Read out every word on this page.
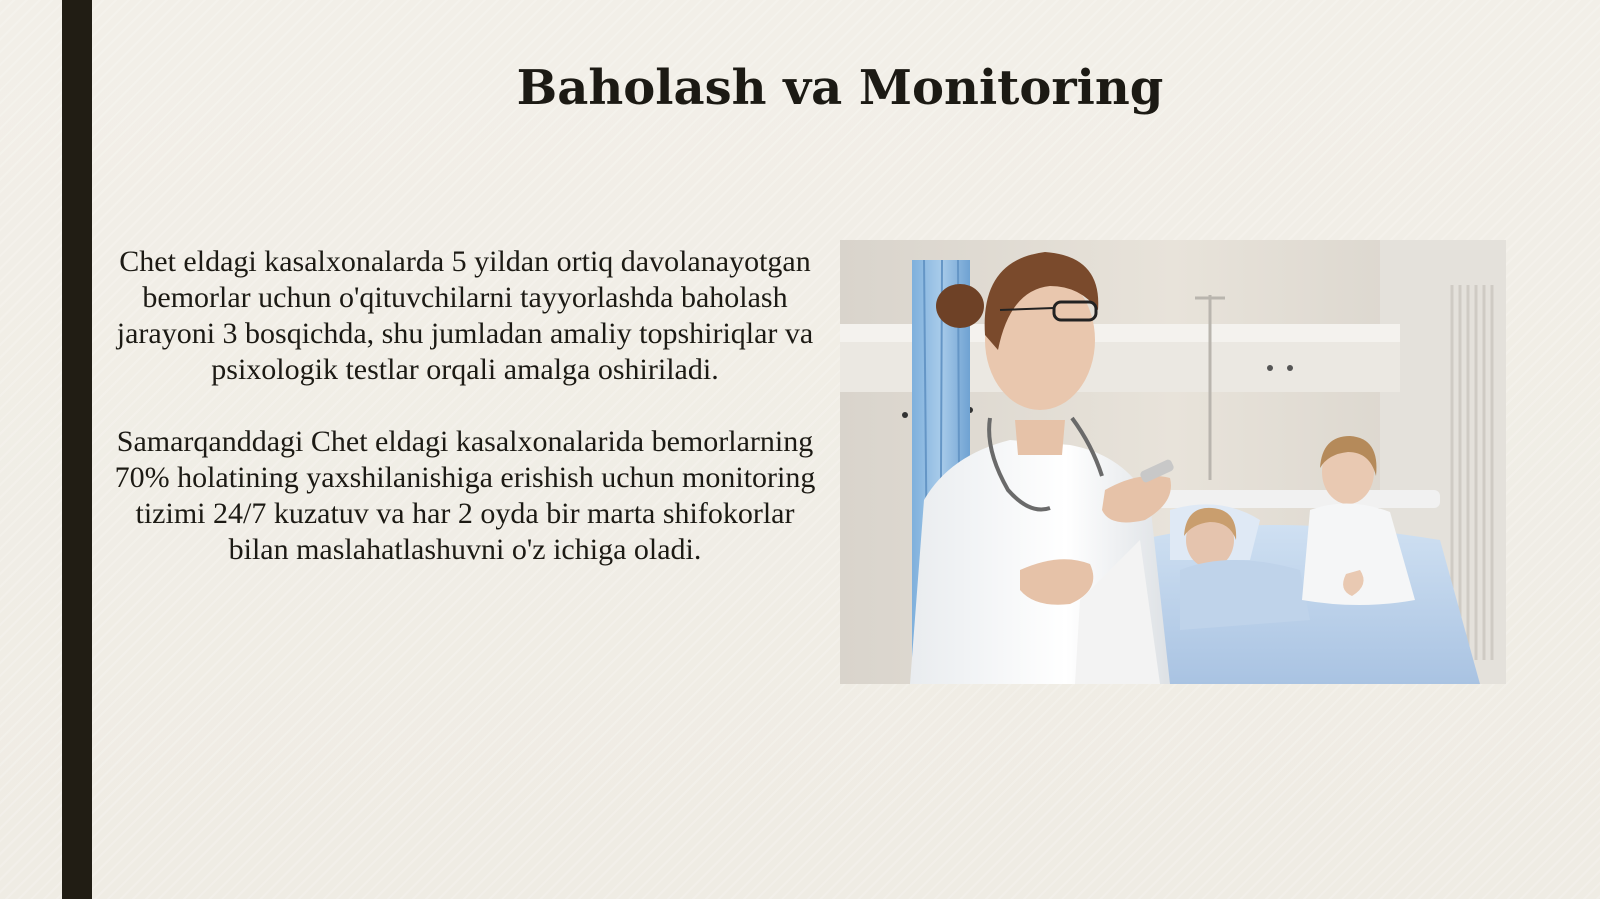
Baholash va Monitoring

Chet eldagi kasalxonalarda 5 yildan ortiq davolanayotgan bemorlar uchun o'qituvchilarni tayyorlashda baholash jarayoni 3 bosqichda, shu jumladan amaliy topshiriqlar va psixologik testlar orqali amalga oshiriladi.

Samarqanddagi Chet eldagi kasalxonalarida bemorlarning 70% holatining yaxshilanishiga erishish uchun monitoring tizimi 24/7 kuzatuv va har 2 oyda bir marta shifokorlar bilan maslahatlashuvni o'z ichiga oladi.
